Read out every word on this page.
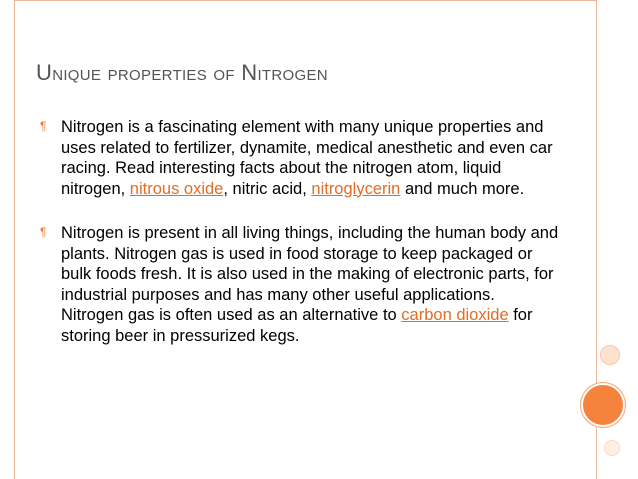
Unique properties of Nitrogen
¶ Nitrogen is a fascinating element with many unique properties and uses related to fertilizer, dynamite, medical anesthetic and even car racing. Read interesting facts about the nitrogen atom, liquid nitrogen, nitrous oxide, nitric acid, nitroglycerin and much more.
¶ Nitrogen is present in all living things, including the human body and plants. Nitrogen gas is used in food storage to keep packaged or bulk foods fresh. It is also used in the making of electronic parts, for industrial purposes and has many other useful applications. Nitrogen gas is often used as an alternative to carbon dioxide for storing beer in pressurized kegs.
